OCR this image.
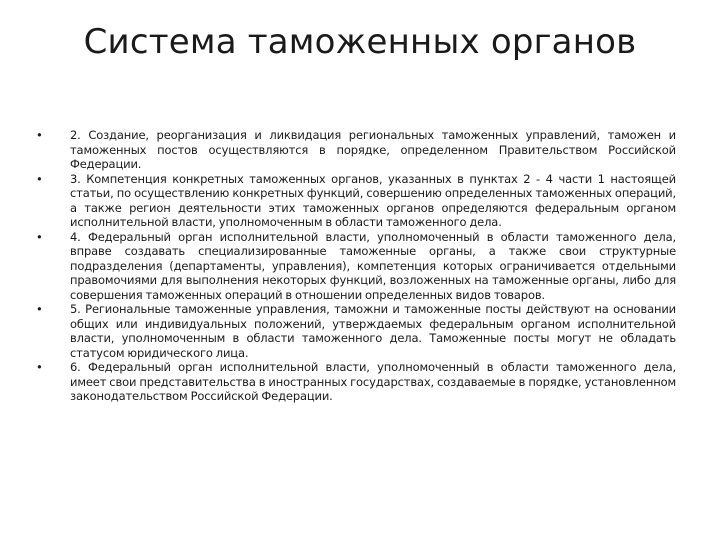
Система таможенных органов
•	2. Создание, реорганизация и ликвидация региональных таможенных управлений, таможен и таможенных постов осуществляются в порядке, определенном Правительством Российской Федерации.
•	3. Компетенция конкретных таможенных органов, указанных в пунктах 2 - 4 части 1 настоящей статьи, по осуществлению конкретных функций, совершению определенных таможенных операций, а также регион деятельности этих таможенных органов определяются федеральным органом исполнительной власти, уполномоченным в области таможенного дела.
•	4. Федеральный орган исполнительной власти, уполномоченный в области таможенного дела, вправе создавать специализированные таможенные органы, а также свои структурные подразделения (департаменты, управления), компетенция которых ограничивается отдельными правомочиями для выполнения некоторых функций, возложенных на таможенные органы, либо для совершения таможенных операций в отношении определенных видов товаров.
•	5. Региональные таможенные управления, таможни и таможенные посты действуют на основании общих или индивидуальных положений, утверждаемых федеральным органом исполнительной власти, уполномоченным в области таможенного дела. Таможенные посты могут не обладать статусом юридического лица.
•	6. Федеральный орган исполнительной власти, уполномоченный в области таможенного дела, имеет свои представительства в иностранных государствах, создаваемые в порядке, установленном законодательством Российской Федерации.
